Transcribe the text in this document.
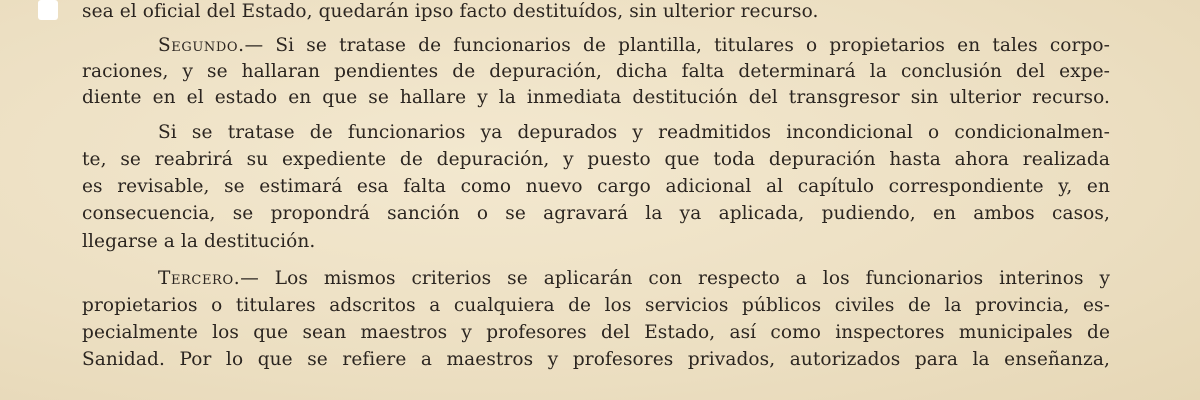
sea el oficial del Estado, quedarán ipso facto destituídos, sin ulterior recurso.
Segundo.— Si se tratase de funcionarios de plantilla, titulares o propietarios en tales corpo-
raciones, y se hallaran pendientes de depuración, dicha falta determinará la conclusión del expe-
diente en el estado en que se hallare y la inmediata destitución del transgresor sin ulterior recurso.
Si se tratase de funcionarios ya depurados y readmitidos incondicional o condicionalmen-
te, se reabrirá su expediente de depuración, y puesto que toda depuración hasta ahora realizada
es revisable, se estimará esa falta como nuevo cargo adicional al capítulo correspondiente y, en
consecuencia, se propondrá sanción o se agravará la ya aplicada, pudiendo, en ambos casos,
llegarse a la destitución.
Tercero.— Los mismos criterios se aplicarán con respecto a los funcionarios interinos y
propietarios o titulares adscritos a cualquiera de los servicios públicos civiles de la provincia, es-
pecialmente los que sean maestros y profesores del Estado, así como inspectores municipales de
Sanidad. Por lo que se refiere a maestros y profesores privados, autorizados para la enseñanza,
